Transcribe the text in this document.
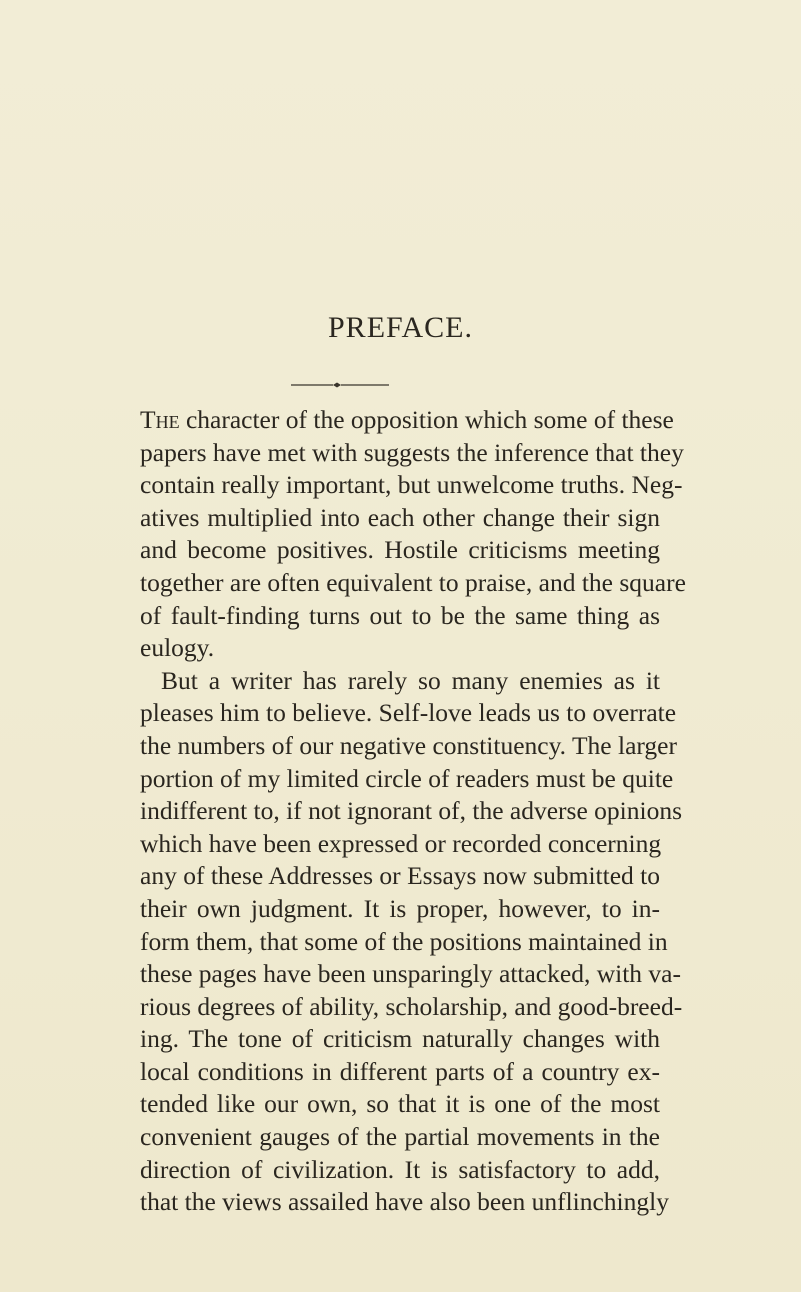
PREFACE.
The character of the opposition which some of these
papers have met with suggests the inference that they
contain really important, but unwelcome truths. Neg-
atives multiplied into each other change their sign
and become positives. Hostile criticisms meeting
together are often equivalent to praise, and the square
of fault-finding turns out to be the same thing as
eulogy.
But a writer has rarely so many enemies as it
pleases him to believe. Self-love leads us to overrate
the numbers of our negative constituency. The larger
portion of my limited circle of readers must be quite
indifferent to, if not ignorant of, the adverse opinions
which have been expressed or recorded concerning
any of these Addresses or Essays now submitted to
their own judgment. It is proper, however, to in-
form them, that some of the positions maintained in
these pages have been unsparingly attacked, with va-
rious degrees of ability, scholarship, and good-breed-
ing. The tone of criticism naturally changes with
local conditions in different parts of a country ex-
tended like our own, so that it is one of the most
convenient gauges of the partial movements in the
direction of civilization. It is satisfactory to add,
that the views assailed have also been unflinchingly
